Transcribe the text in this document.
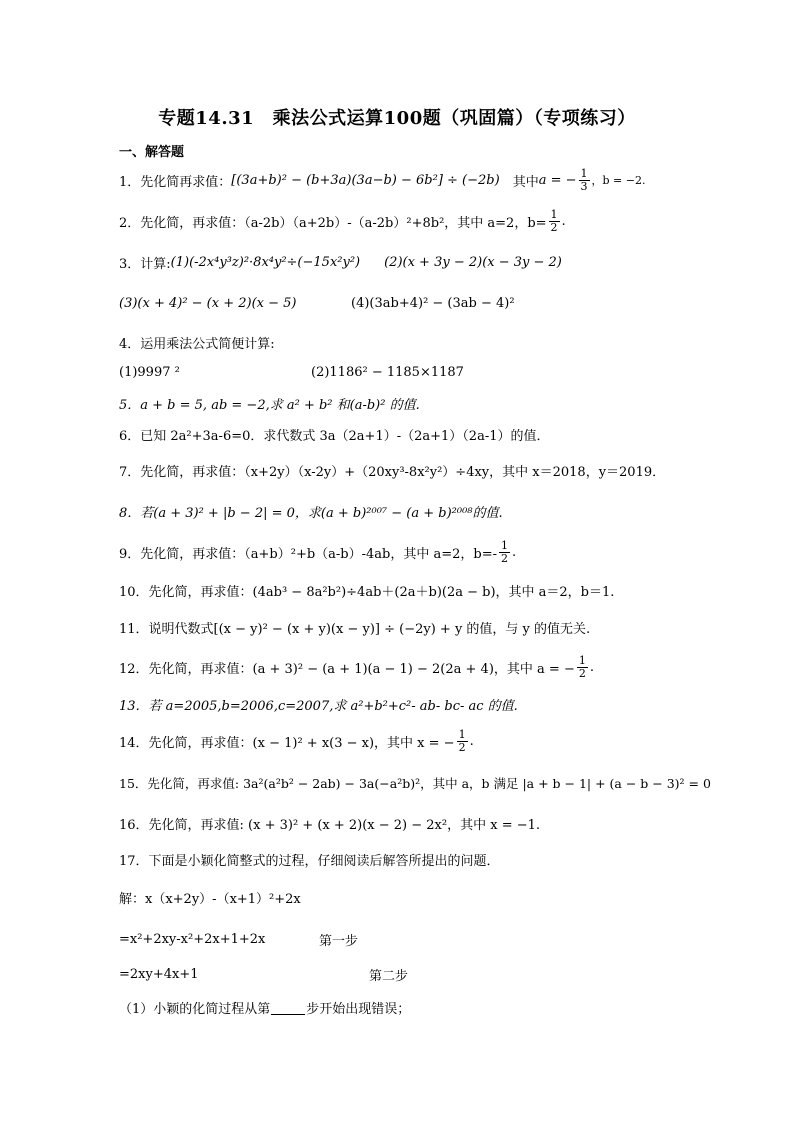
专题14.31　乘法公式运算100题（巩固篇）（专项练习）
一、解答题
1．先化简再求值： [(3a+b)² − (b+3a)(3a−b) − 6b²] ÷ (−2b) 　其中 a = − $\frac{1}{3}$ ，b = −2.
2．先化简，再求值：（a-2b）（a+2b）-（a-2b）²+8b²，其中 a=2，$b= \frac{1}{2}$ .
3．计算: (1)(-2x⁴y³z)²·8x⁴y²÷(−15x²y²) (2)(x + 3y − 2)(x − 3y − 2)
(3)(x + 4)² − (x + 2)(x − 5)	(4)(3ab+4)² − (3ab − 4)²
4．运用乘法公式简便计算:
(1)9997 ²	(2)1186² − 1185×1187
5．a + b = 5, ab = −2,求 a² + b² 和(a-b)² 的值.
6．已知 2a²+3a-6=0．求代数式 3a（2a+1）-（2a+1）（2a-1）的值．
7．先化简，再求值：（x+2y）（x-2y）+（20xy³-8x²y²）÷4xy，其中 x＝2018，y＝2019．
8．若(a + 3)² + |b − 2| = 0，求(a + b)²⁰⁰⁷ − (a + b)²⁰⁰⁸的值.
9．先化简，再求值：（a+b）²+b（a-b）-4ab，其中 a=2，$b=- \frac{1}{2}$ .
10．先化简，再求值：(4ab³ − 8a²b²)÷4ab＋(2a＋b)(2a − b)，其中 a＝2，b＝1.
11．说明代数式[(x − y)² − (x + y)(x − y)] ÷ (−2y) + y 的值，与 y 的值无关.
12．先化简，再求值：(a + 3)² − (a + 1)(a − 1) − 2(2a + 4)，其中 a = − $\frac{1}{2}$ .
13．若 a=2005,b=2006,c=2007,求 a²+b²+c²- ab- bc- ac 的值.
14．先化简，再求值：(x − 1)² + x(3 − x)，其中 x = − $\frac{1}{2}$ .
15．先化简，再求值: 3a²(a²b² − 2ab) − 3a(−a²b)²，其中 a，b 满足 |a + b − 1| + (a − b − 3)² = 0
16．先化简，再求值: (x + 3)² + (x + 2)(x − 2) − 2x²，其中 x = −1.
17．下面是小颖化简整式的过程，仔细阅读后解答所提出的问题．
解：x（x+2y）-（x+1）²+2x
=x²+2xy-x²+2x+1+2x	第一步
=2xy+4x+1	第二步
（1）小颖的化简过程从第	步开始出现错误；
